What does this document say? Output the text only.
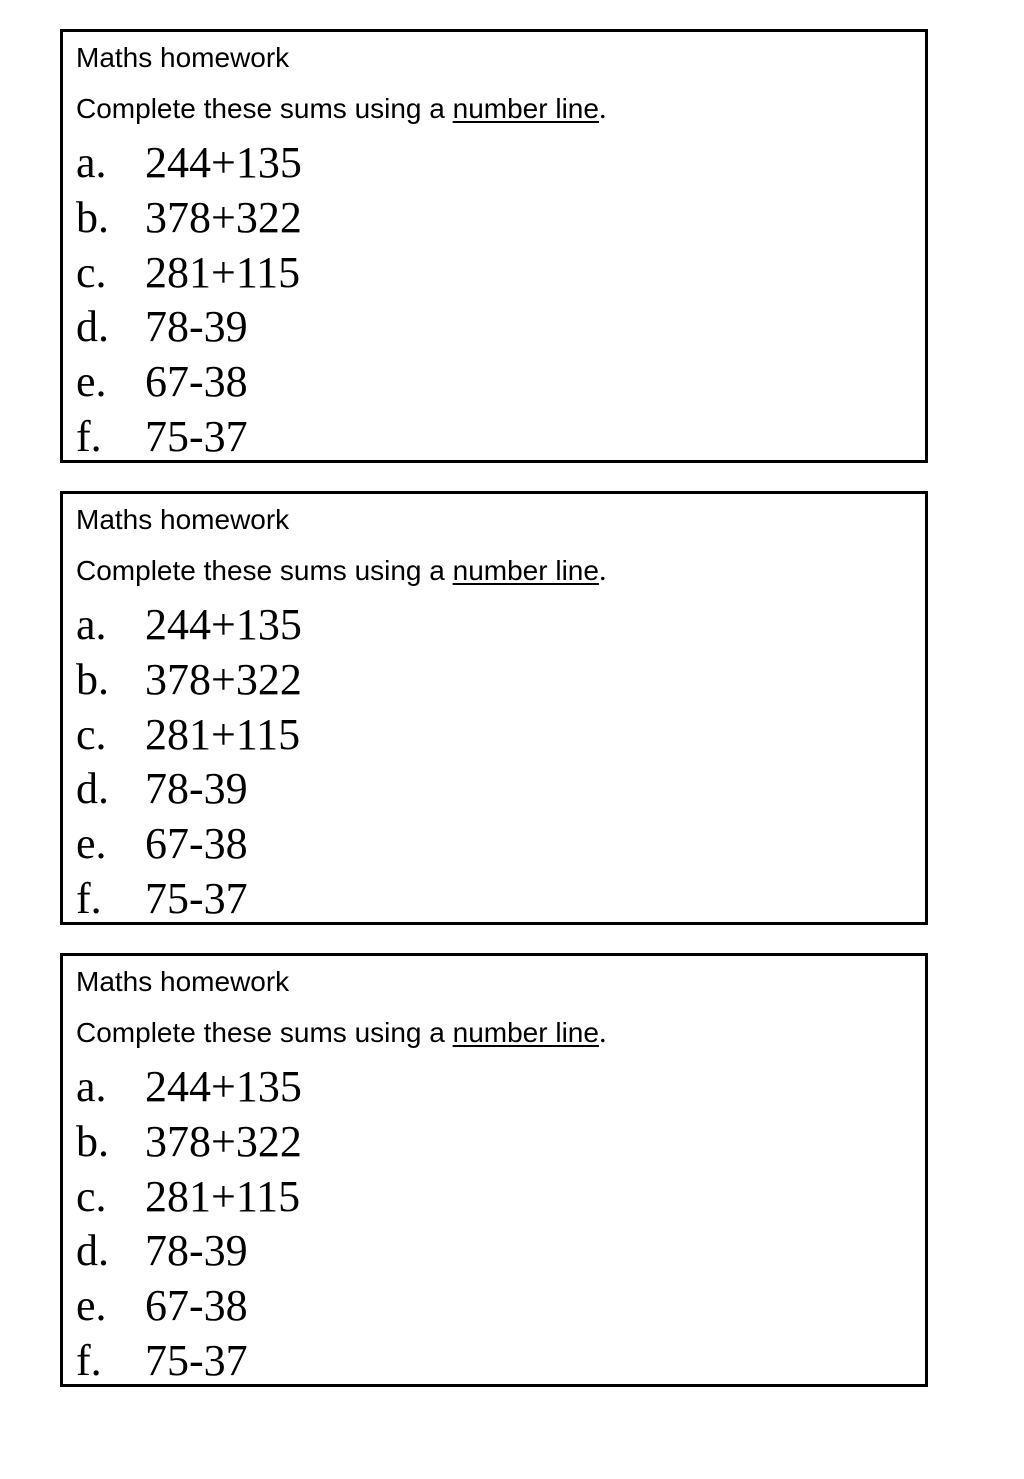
Maths homework
Complete these sums using a number line.
a. 244+135
b. 378+322
c. 281+115
d. 78-39
e. 67-38
f. 75-37
Maths homework
Complete these sums using a number line.
a. 244+135
b. 378+322
c. 281+115
d. 78-39
e. 67-38
f. 75-37
Maths homework
Complete these sums using a number line.
a. 244+135
b. 378+322
c. 281+115
d. 78-39
e. 67-38
f. 75-37
